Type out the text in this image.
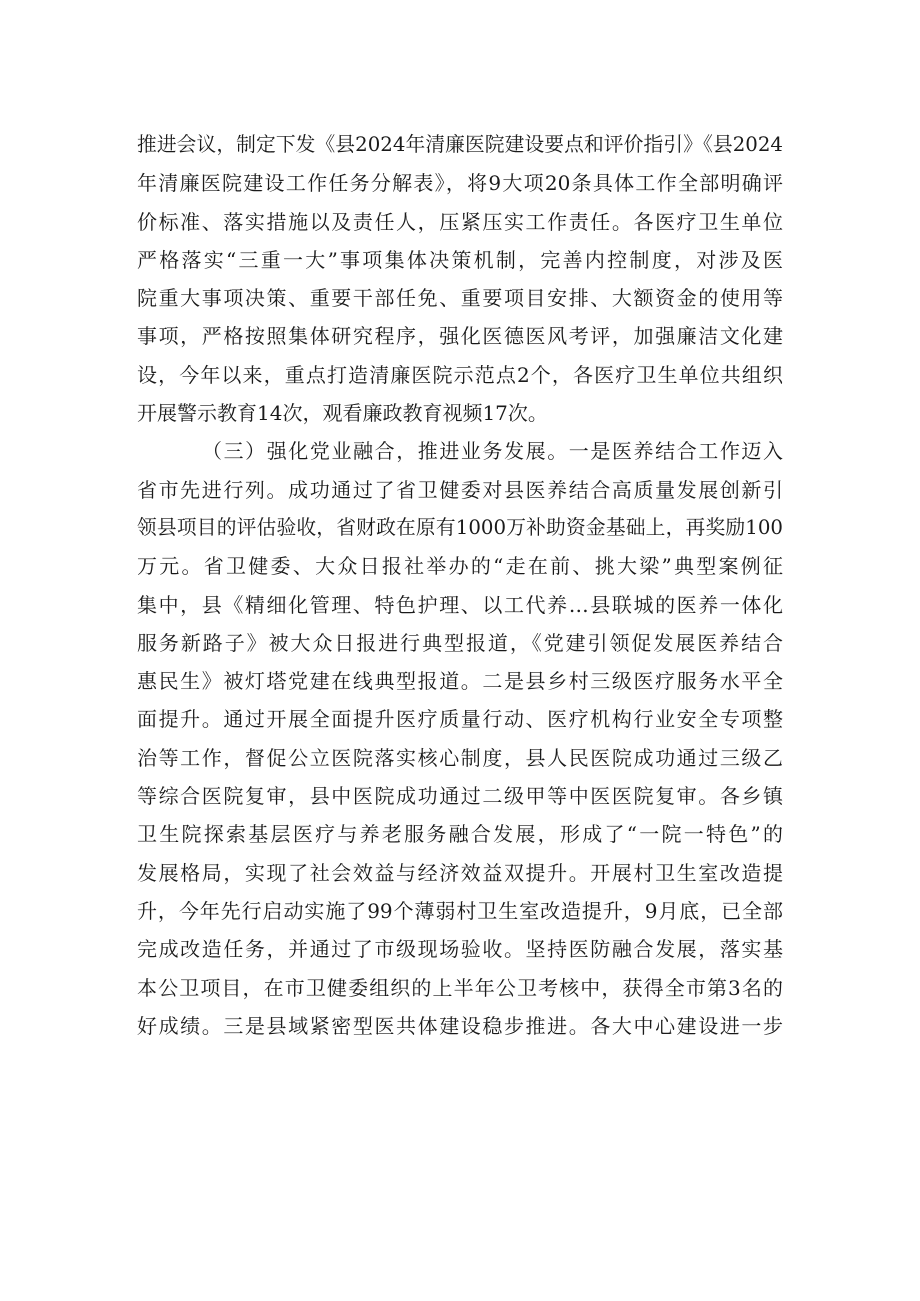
推进会议，制定下发《县2024年清廉医院建设要点和评价指引》《县2024
年清廉医院建设工作任务分解表》，将9大项20条具体工作全部明确评
价标准、落实措施以及责任人，压紧压实工作责任。各医疗卫生单位
严格落实“三重一大”事项集体决策机制，完善内控制度，对涉及医
院重大事项决策、重要干部任免、重要项目安排、大额资金的使用等
事项，严格按照集体研究程序，强化医德医风考评，加强廉洁文化建
设，今年以来，重点打造清廉医院示范点2个，各医疗卫生单位共组织
开展警示教育14次，观看廉政教育视频17次。
（三）强化党业融合，推进业务发展。一是医养结合工作迈入
省市先进行列。成功通过了省卫健委对县医养结合高质量发展创新引
领县项目的评估验收，省财政在原有1000万补助资金基础上，再奖励100
万元。省卫健委、大众日报社举办的“走在前、挑大梁”典型案例征
集中，县《精细化管理、特色护理、以工代养…县联城的医养一体化
服务新路子》被大众日报进行典型报道，《党建引领促发展医养结合
惠民生》被灯塔党建在线典型报道。二是县乡村三级医疗服务水平全
面提升。通过开展全面提升医疗质量行动、医疗机构行业安全专项整
治等工作，督促公立医院落实核心制度，县人民医院成功通过三级乙
等综合医院复审，县中医院成功通过二级甲等中医医院复审。各乡镇
卫生院探索基层医疗与养老服务融合发展，形成了“一院一特色”的
发展格局，实现了社会效益与经济效益双提升。开展村卫生室改造提
升，今年先行启动实施了99个薄弱村卫生室改造提升，9月底，已全部
完成改造任务，并通过了市级现场验收。坚持医防融合发展，落实基
本公卫项目，在市卫健委组织的上半年公卫考核中，获得全市第3名的
好成绩。三是县域紧密型医共体建设稳步推进。各大中心建设进一步
